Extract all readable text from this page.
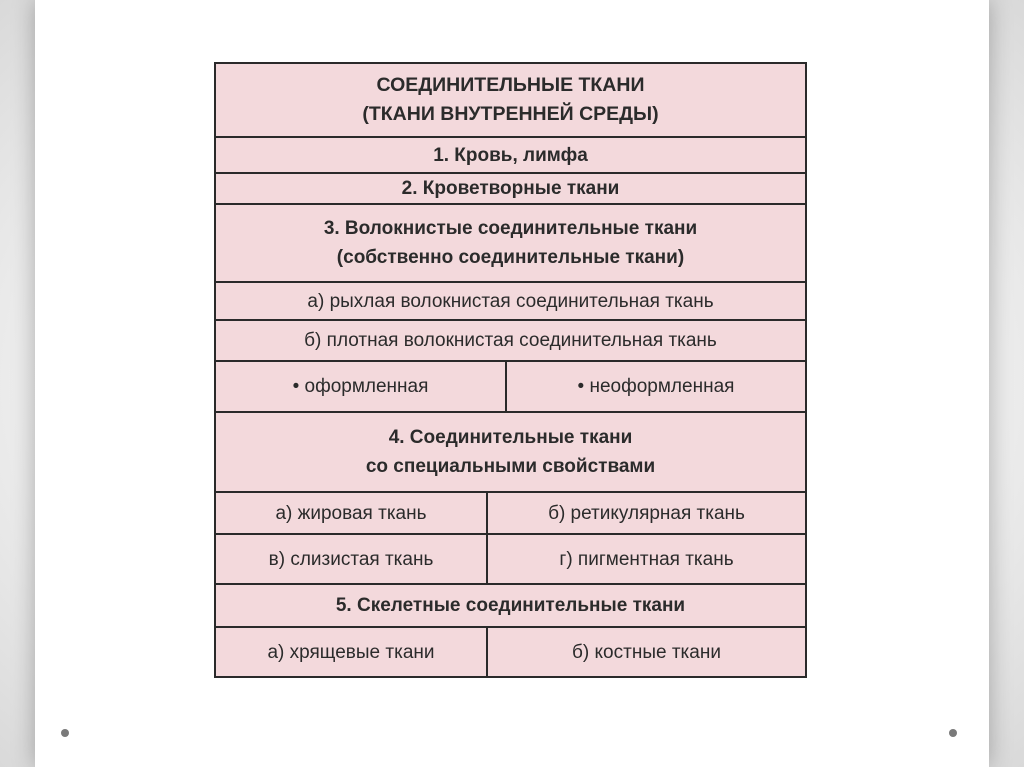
СОЕДИНИТЕЛЬНЫЕ ТКАНИ
(ТКАНИ ВНУТРЕННЕЙ СРЕДЫ)
1. Кровь, лимфа
2. Кроветворные ткани
3. Волокнистые соединительные ткани
(собственно соединительные ткани)
а) рыхлая волокнистая соединительная ткань
б) плотная волокнистая соединительная ткань
• оформленная	• неоформленная
4. Соединительные ткани
со специальными свойствами
а) жировая ткань	б) ретикулярная ткань
в) слизистая ткань	г) пигментная ткань
5. Скелетные соединительные ткани
а) хрящевые ткани	б) костные ткани
